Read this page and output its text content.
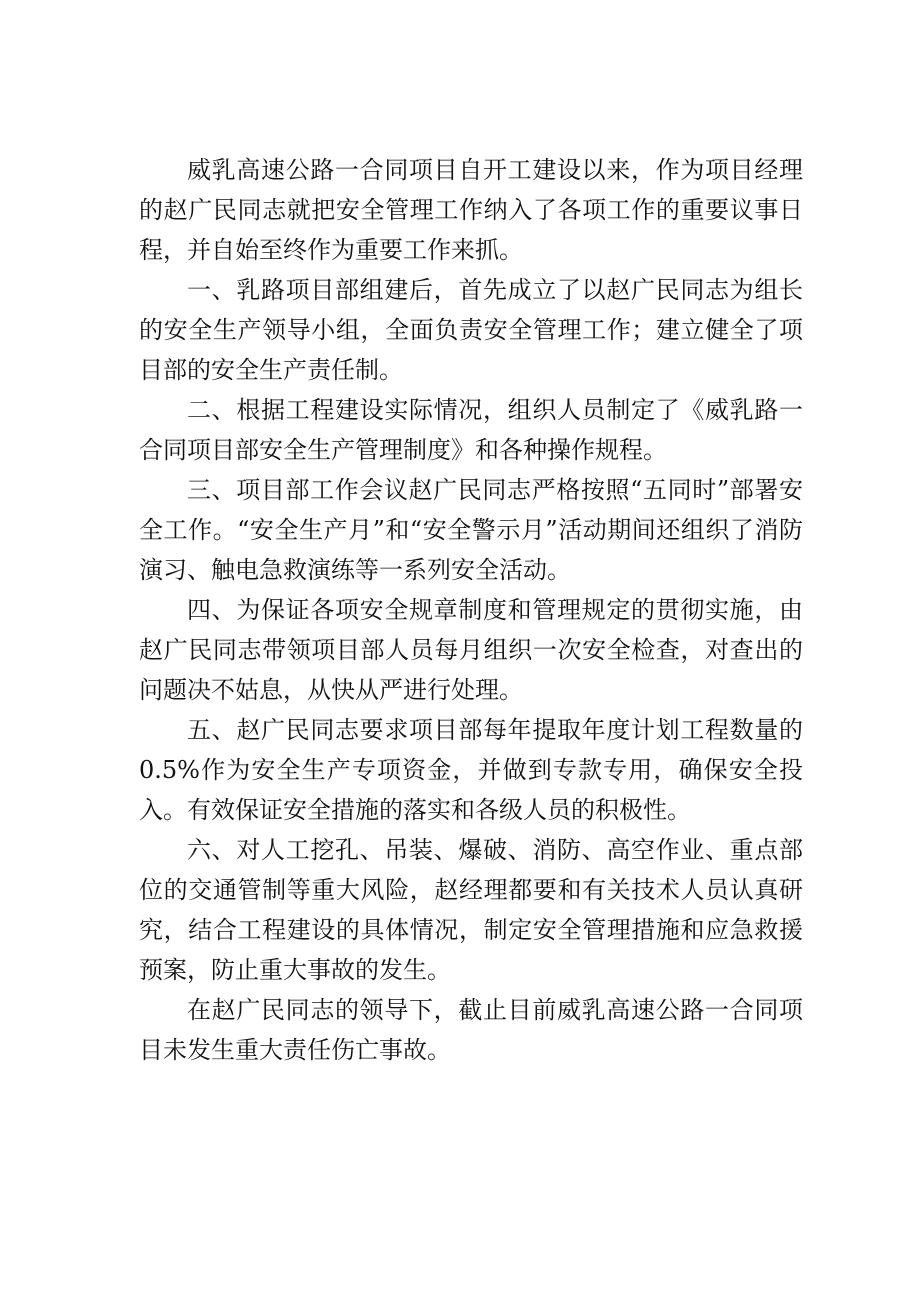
威乳高速公路一合同项目自开工建设以来，作为项目经理的赵广民同志就把安全管理工作纳入了各项工作的重要议事日程，并自始至终作为重要工作来抓。

一、乳路项目部组建后，首先成立了以赵广民同志为组长的安全生产领导小组，全面负责安全管理工作；建立健全了项目部的安全生产责任制。

二、根据工程建设实际情况，组织人员制定了《威乳路一合同项目部安全生产管理制度》和各种操作规程。

三、项目部工作会议赵广民同志严格按照“五同时”部署安全工作。“安全生产月”和“安全警示月”活动期间还组织了消防演习、触电急救演练等一系列安全活动。

四、为保证各项安全规章制度和管理规定的贯彻实施，由赵广民同志带领项目部人员每月组织一次安全检查，对查出的问题决不姑息，从快从严进行处理。

五、赵广民同志要求项目部每年提取年度计划工程数量的0.5%作为安全生产专项资金，并做到专款专用，确保安全投入。有效保证安全措施的落实和各级人员的积极性。

六、对人工挖孔、吊装、爆破、消防、高空作业、重点部位的交通管制等重大风险，赵经理都要和有关技术人员认真研究，结合工程建设的具体情况，制定安全管理措施和应急救援预案，防止重大事故的发生。

在赵广民同志的领导下，截止目前威乳高速公路一合同项目未发生重大责任伤亡事故。
